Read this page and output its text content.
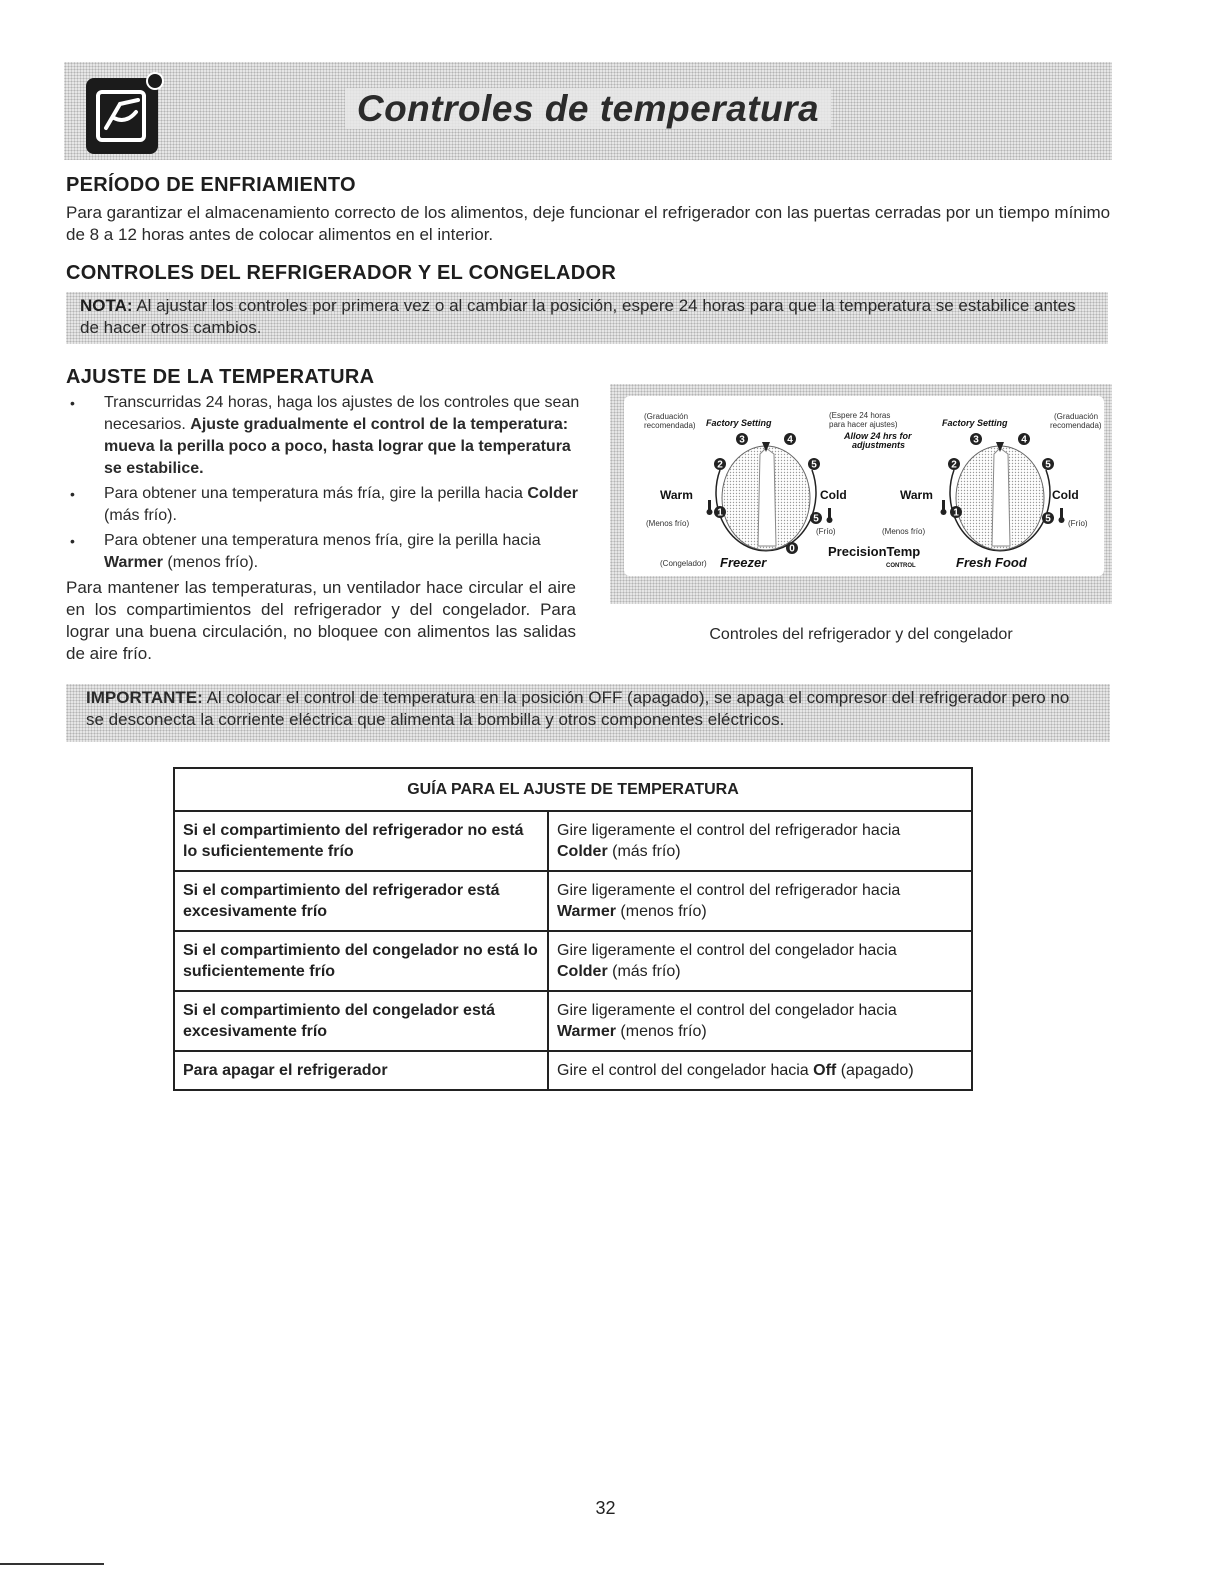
Controles de temperatura
PERÍODO DE ENFRIAMIENTO

Para garantizar el almacenamiento correcto de los alimentos, deje funcionar el refrigerador con las puertas cerradas por un tiempo mínimo de 8 a 12 horas antes de colocar alimentos en el interior.

CONTROLES DEL REFRIGERADOR Y EL CONGELADOR

NOTA: Al ajustar los controles por primera vez o al cambiar la posición, espere 24 horas para que la temperatura se estabilice antes de hacer otros cambios.

AJUSTE DE LA TEMPERATURA
• Transcurridas 24 horas, haga los ajustes de los controles que sean necesarios. Ajuste gradualmente el control de la temperatura: mueva la perilla poco a poco, hasta lograr que la temperatura se estabilice.
• Para obtener una temperatura más fría, gire la perilla hacia Colder (más frío).
• Para obtener una temperatura menos fría, gire la perilla hacia Warmer (menos frío).

Para mantener las temperaturas, un ventilador hace circular el aire en los compartimientos del refrigerador y del congelador. Para lograr una buena circulación, no bloquee con alimentos las salidas de aire frío.

3	4
2	5
1
5
0
3	4
2	5
1
5
(Graduación
recomendada)
(Espere 24 horas
para hacer ajustes)
(Graduación
recomendada)
(Menos frío)
(Frío)	(Menos frío)
(Frío)
(Congelador)
Factory Setting	Factory Setting
Allow 24 hrs for
adjustments
Warm	Cold	Warm	Cold
PrecisionTemp
Freezer	Fresh Food
CONTROL
Controles del refrigerador y del congelador

IMPORTANTE: Al colocar el control de temperatura en la posición OFF (apagado), se apaga el compresor del refrigerador pero no se desconecta la corriente eléctrica que alimenta la bombilla y otros componentes eléctricos.

GUÍA PARA EL AJUSTE DE TEMPERATURA	
Si el compartimiento del refrigerador no está lo suficientemente frío	Gire ligeramente el control del refrigerador hacia
Colder (más frío)
Si el compartimiento del refrigerador está excesivamente frío	Gire ligeramente el control del refrigerador hacia
Warmer (menos frío)
Si el compartimiento del congelador no está lo suficientemente frío	Gire ligeramente el control del congelador hacia
Colder (más frío)
Si el compartimiento del congelador está excesivamente frío	Gire ligeramente el control del congelador hacia
Warmer (menos frío)
Para apagar el refrigerador	Gire el control del congelador hacia Off (apagado)
32
